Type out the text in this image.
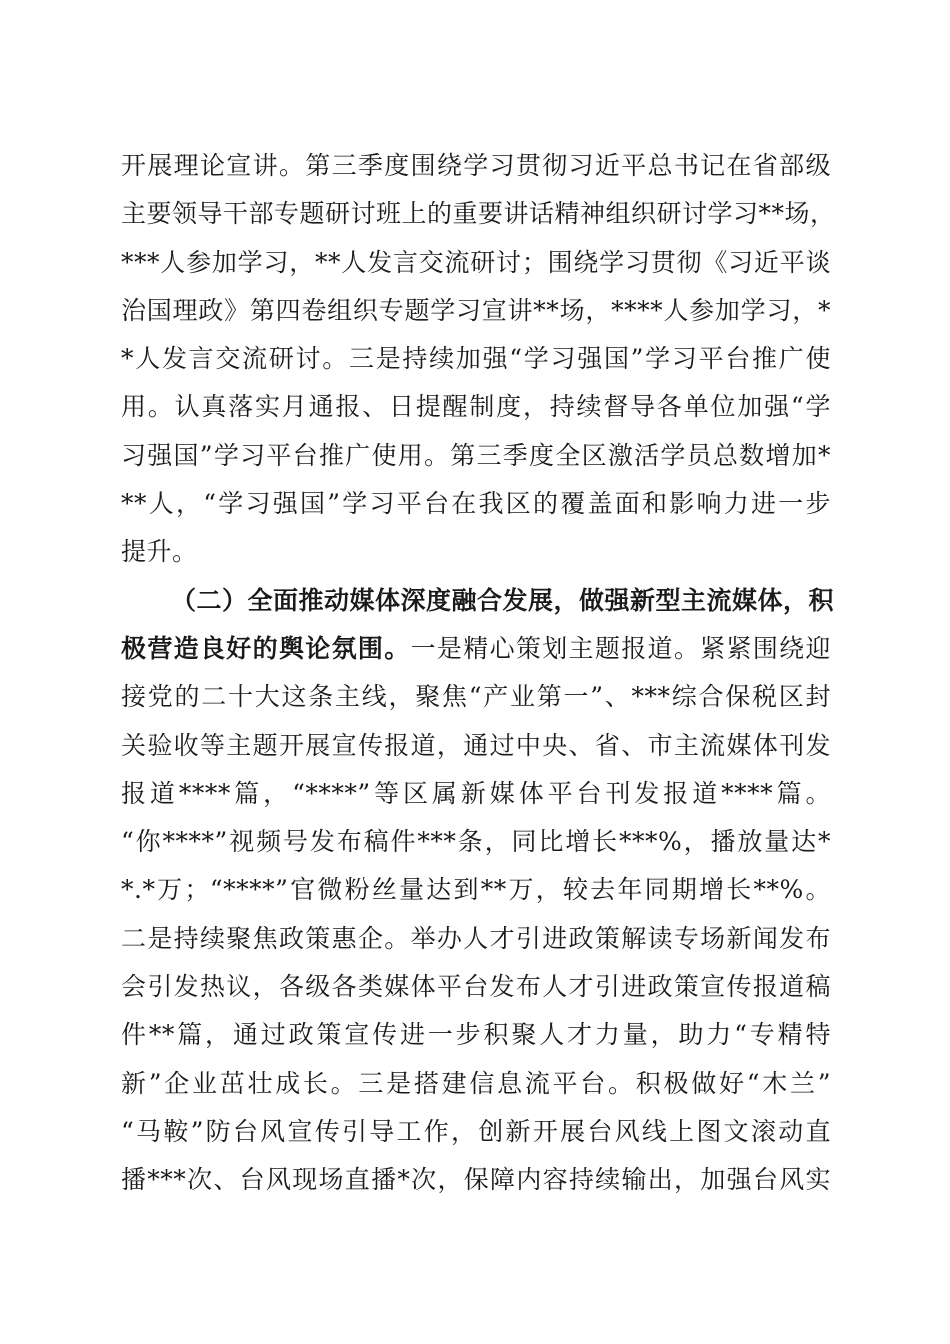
开展理论宣讲。第三季度围绕学习贯彻习近平总书记在省部级
主要领导干部专题研讨班上的重要讲话精神组织研讨学习**场，
***人参加学习，**人发言交流研讨；围绕学习贯彻《习近平谈
治国理政》第四卷组织专题学习宣讲**场，****人参加学习，*
*人发言交流研讨。三是持续加强“学习强国”学习平台推广使
用。认真落实月通报、日提醒制度，持续督导各单位加强“学
习强国”学习平台推广使用。第三季度全区激活学员总数增加*
**人，“学习强国”学习平台在我区的覆盖面和影响力进一步
提升。
（二）全面推动媒体深度融合发展，做强新型主流媒体，积
极营造良好的舆论氛围。一是精心策划主题报道。紧紧围绕迎
接党的二十大这条主线，聚焦“产业第一”、***综合保税区封
关验收等主题开展宣传报道，通过中央、省、市主流媒体刊发
报道****篇，“****”等区属新媒体平台刊发报道****篇。
“你****”视频号发布稿件***条，同比增长***%，播放量达*
*.*万；“****”官微粉丝量达到**万，较去年同期增长**%。
二是持续聚焦政策惠企。举办人才引进政策解读专场新闻发布
会引发热议，各级各类媒体平台发布人才引进政策宣传报道稿
件**篇，通过政策宣传进一步积聚人才力量，助力“专精特
新”企业茁壮成长。三是搭建信息流平台。积极做好“木兰”
“马鞍”防台风宣传引导工作，创新开展台风线上图文滚动直
播***次、台风现场直播*次，保障内容持续输出，加强台风实
